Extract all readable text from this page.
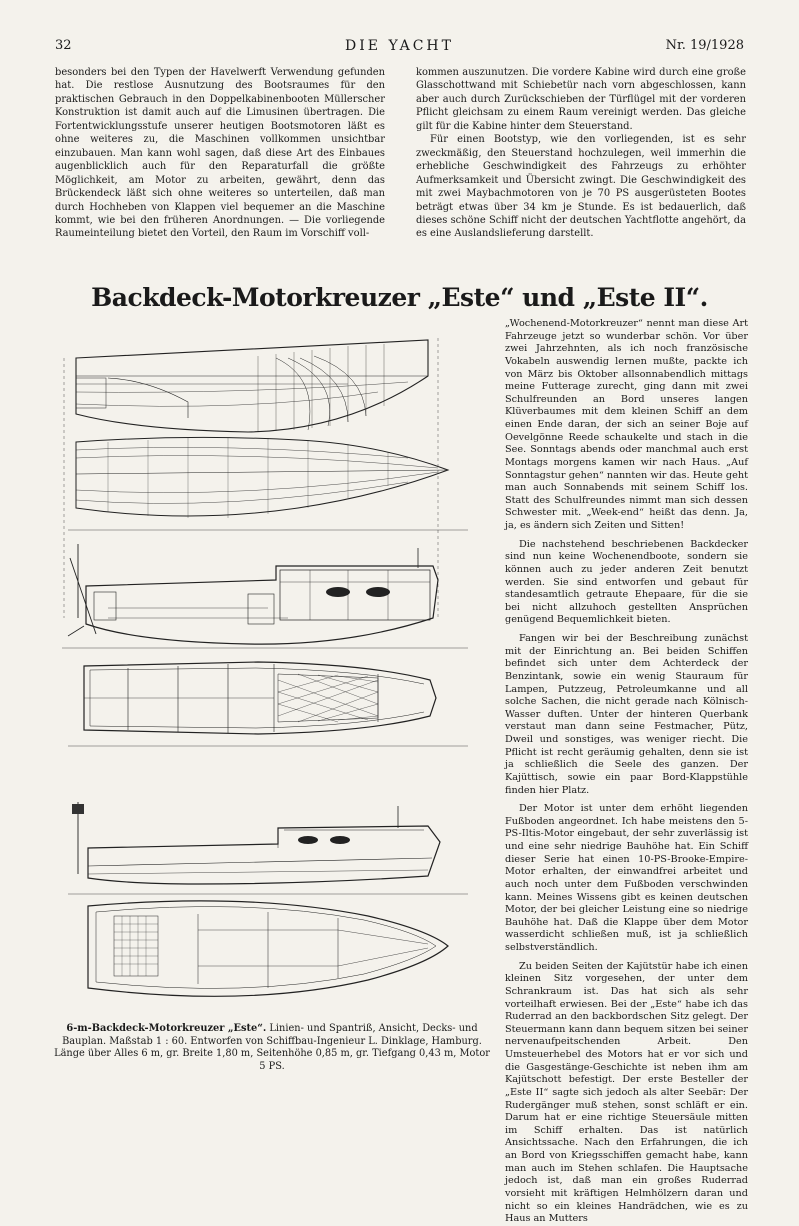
32	DIE YACHT	Nr. 19/1928

besonders bei den Typen der Havelwerft Verwendung gefunden hat. Die restlose Ausnutzung des Bootsraumes für den praktischen Gebrauch in den Doppelkabinenbooten Müllerscher Konstruktion ist damit auch auf die Limusinen übertragen. Die Fortentwicklungsstufe unserer heutigen Bootsmotoren läßt es ohne weiteres zu, die Maschinen vollkommen unsichtbar einzubauen. Man kann wohl sagen, daß diese Art des Einbaues augenblicklich auch für den Reparaturfall die größte Möglichkeit, am Motor zu arbeiten, gewährt, denn das Brückendeck läßt sich ohne weiteres so unterteilen, daß man durch Hochheben von Klappen viel bequemer an die Maschine kommt, wie bei den früheren Anordnungen. — Die vorliegende Raumeinteilung bietet den Vorteil, den Raum im Vorschiff voll-

kommen auszunutzen. Die vordere Kabine wird durch eine große Glasschottwand mit Schiebetür nach vorn abgeschlossen, kann aber auch durch Zurückschieben der Türflügel mit der vorderen Pflicht gleichsam zu einem Raum vereinigt werden. Das gleiche gilt für die Kabine hinter dem Steuerstand.

Für einen Bootstyp, wie den vorliegenden, ist es sehr zweckmäßig, den Steuerstand hochzulegen, weil immerhin die erhebliche Geschwindigkeit des Fahrzeugs zu erhöhter Aufmerksamkeit und Übersicht zwingt. Die Geschwindigkeit des mit zwei Maybachmotoren von je 70 PS ausgerüsteten Bootes beträgt etwas über 34 km je Stunde. Es ist bedauerlich, daß dieses schöne Schiff nicht der deutschen Yachtflotte angehört, da es eine Auslandslieferung darstellt.

Backdeck-Motorkreuzer „Este“ und „Este II“.

„Wochenend-Motorkreuzer“ nennt man diese Art Fahrzeuge jetzt so wunderbar schön. Vor über zwei Jahrzehnten, als ich noch französische Vokabeln auswendig lernen mußte, packte ich von März bis Oktober allsonnabendlich mittags meine Futterage zurecht, ging dann mit zwei Schulfreunden an Bord unseres langen Klüverbaumes mit dem kleinen Schiff an dem einen Ende daran, der sich an seiner Boje auf Oevelgönne Reede schaukelte und stach in die See. Sonntags abends oder manchmal auch erst Montags morgens kamen wir nach Haus. „Auf Sonntagstur gehen“ nannten wir das. Heute geht man auch Sonnabends mit seinem Schiff los. Statt des Schulfreundes nimmt man sich dessen Schwester mit. „Week-end“ heißt das denn. Ja, ja, es ändern sich Zeiten und Sitten!

Die nachstehend beschriebenen Backdecker sind nun keine Wochenendboote, sondern sie können auch zu jeder anderen Zeit benutzt werden. Sie sind entworfen und gebaut für standesamtlich getraute Ehepaare, für die sie bei nicht allzuhoch gestellten Ansprüchen genügend Bequemlichkeit bieten.

Fangen wir bei der Beschreibung zunächst mit der Einrichtung an. Bei beiden Schiffen befindet sich unter dem Achterdeck der Benzintank, sowie ein wenig Stauraum für Lampen, Putzzeug, Petroleumkanne und all solche Sachen, die nicht gerade nach Kölnisch-Wasser duften. Unter der hinteren Querbank verstaut man dann seine Festmacher, Pütz, Dweil und sonstiges, was weniger riecht. Die Pflicht ist recht geräumig gehalten, denn sie ist ja schließlich die Seele des ganzen. Der Kajüttisch, sowie ein paar Bord-Klappstühle finden hier Platz.

Der Motor ist unter dem erhöht liegenden Fußboden angeordnet. Ich habe meistens den 5-PS-Iltis-Motor eingebaut, der sehr zuverlässig ist und eine sehr niedrige Bauhöhe hat. Ein Schiff dieser Serie hat einen 10-PS-Brooke-Empire-Motor erhalten, der einwandfrei arbeitet und auch noch unter dem Fußboden verschwinden kann. Meines Wissens gibt es keinen deutschen Motor, der bei gleicher Leistung eine so niedrige Bauhöhe hat. Daß die Klappe über dem Motor wasserdicht schließen muß, ist ja schließlich selbstverständlich.

Zu beiden Seiten der Kajütstür habe ich einen kleinen Sitz vorgesehen, der unter dem Schrankraum ist. Das hat sich als sehr vorteilhaft erwiesen. Bei der „Este“ habe ich das Ruderrad an den backbordschen Sitz gelegt. Der Steuermann kann dann bequem sitzen bei seiner nervenaufpeitschenden Arbeit. Den Umsteuerhebel des Motors hat er vor sich und die Gasgestänge-Geschichte ist neben ihm am Kajütschott befestigt. Der erste Besteller der „Este II“ sagte sich jedoch als alter Seebär: Der Rudergänger muß stehen, sonst schläft er ein. Darum hat er eine richtige Steuersäule mitten im Schiff erhalten. Das ist natürlich Ansichtssache. Nach den Erfahrungen, die ich an Bord von Kriegsschiffen gemacht habe, kann man auch im Stehen schlafen. Die Hauptsache jedoch ist, daß man ein großes Ruderrad vorsieht mit kräftigen Helmhölzern daran und nicht so ein kleines Handrädchen, wie es zu Haus an Mutters

6-m-Backdeck-Motorkreuzer „Este“. Linien- und Spantriß, Ansicht, Decks- und Bauplan. Maßstab 1 : 60. Entworfen von Schiffbau-Ingenieur L. Dinklage, Hamburg. Länge über Alles 6 m, gr. Breite 1,80 m, Seitenhöhe 0,85 m, gr. Tiefgang 0,43 m, Motor 5 PS.
